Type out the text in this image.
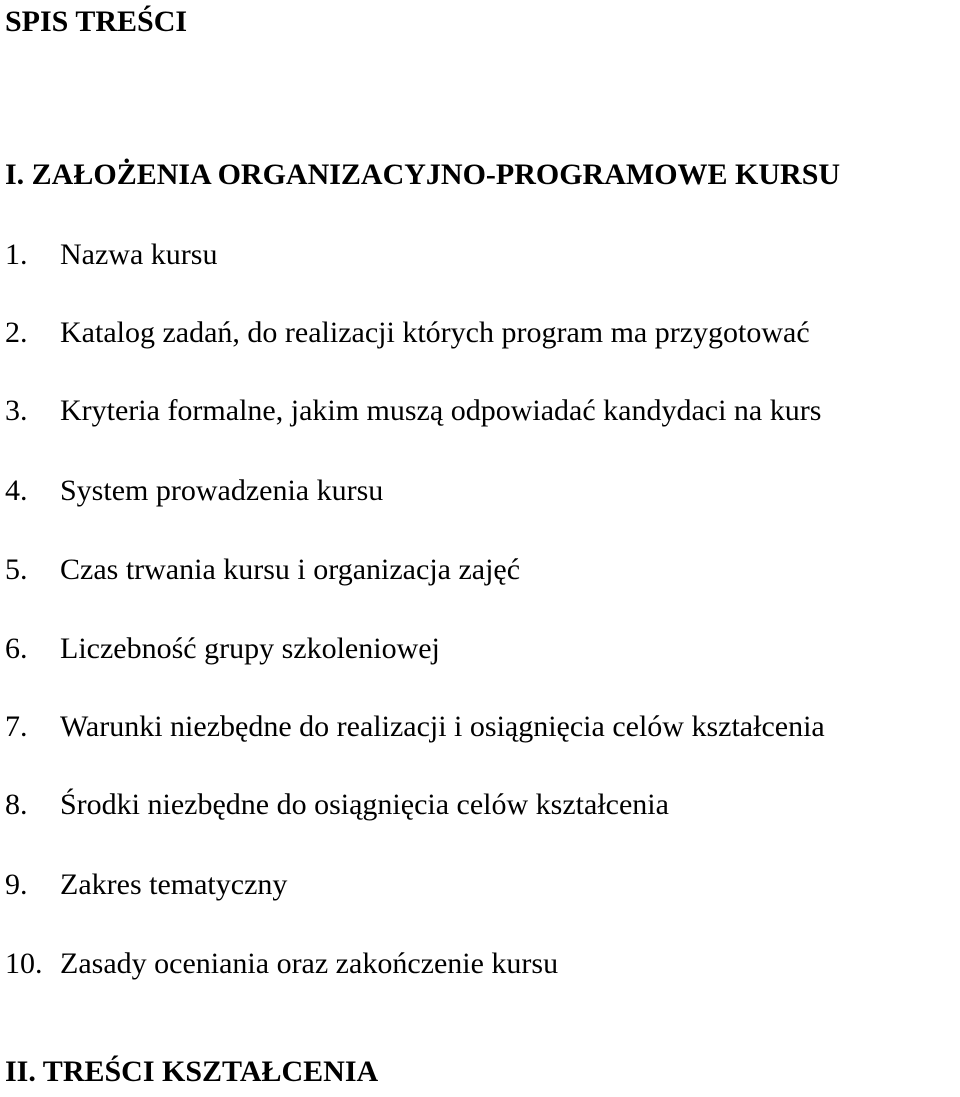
SPIS TREŚCI
I. ZAŁOŻENIA ORGANIZACYJNO-PROGRAMOWE KURSU
1. Nazwa kursu
2. Katalog zadań, do realizacji których program ma przygotować
3. Kryteria formalne, jakim muszą odpowiadać kandydaci na kurs
4. System prowadzenia kursu
5. Czas trwania kursu i organizacja zajęć
6. Liczebność grupy szkoleniowej
7. Warunki niezbędne do realizacji i osiągnięcia celów kształcenia
8. Środki niezbędne do osiągnięcia celów kształcenia
9. Zakres tematyczny
10. Zasady oceniania oraz zakończenie kursu
II. TREŚCI KSZTAŁCENIA
